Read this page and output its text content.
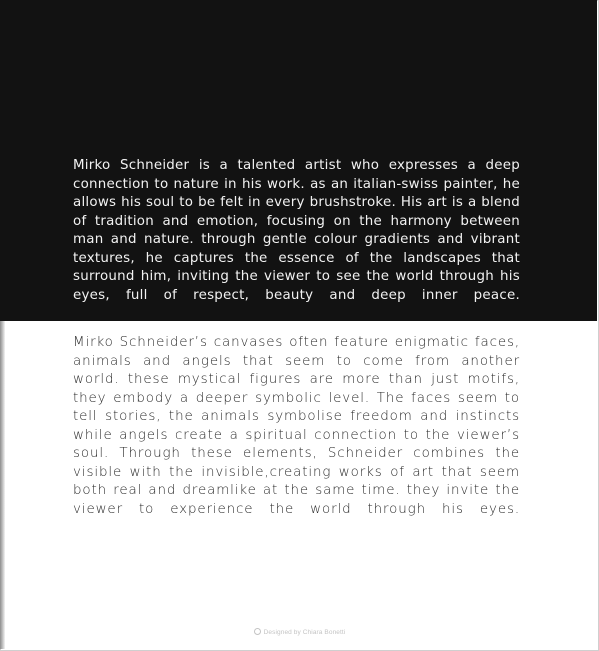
Mirko Schneider is a talented artist who expresses a deep connection to nature in his work. as an italian-swiss painter, he allows his soul to be felt in every brushstroke. His art is a blend of tradition and emotion, focusing on the harmony between man and nature. through gentle colour gradients and vibrant textures, he captures the essence of the landscapes that surround him, inviting the viewer to see the world through his eyes, full of respect, beauty and deep inner peace.

Mirko Schneider’s canvases often feature enigmatic faces, animals and angels that seem to come from another world. these mystical figures are more than just motifs, they embody a deeper symbolic level. The faces seem to tell stories, the animals symbolise freedom and instincts while angels create a spiritual connection to the viewer’s soul. Through these elements, Schneider combines the visible with the invisible,creating works of art that seem both real and dreamlike at the same time. they invite the viewer to experience the world through his eyes.

Designed by Chiara Bonetti
